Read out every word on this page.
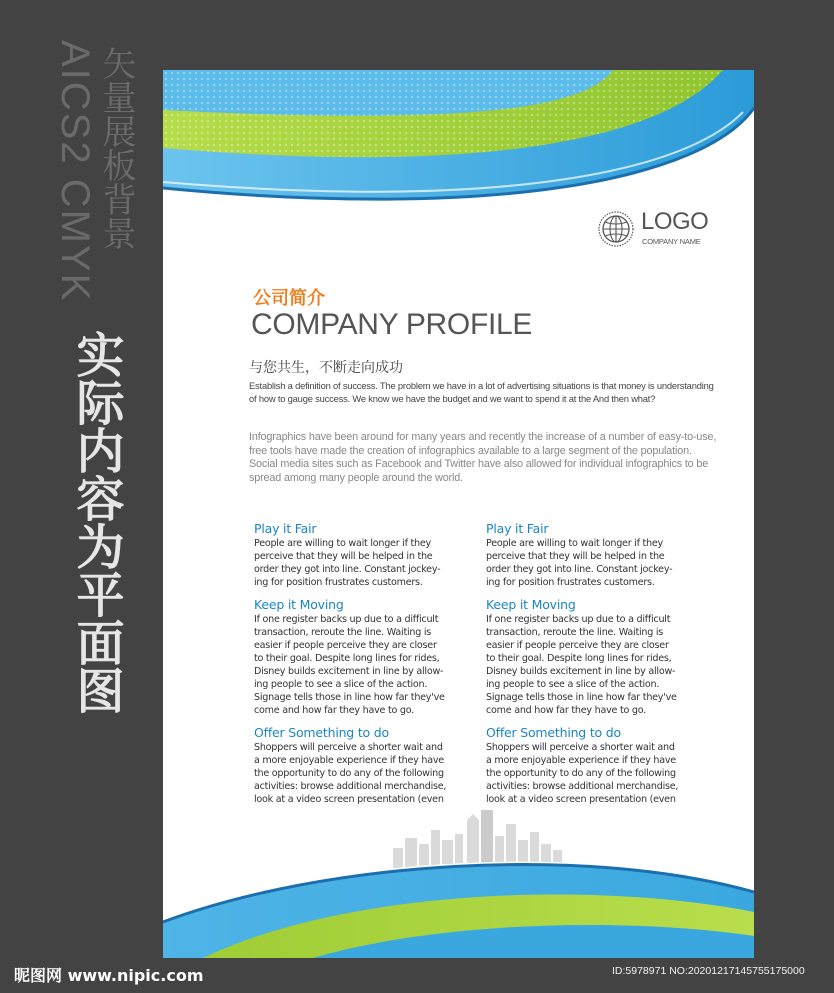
AICS2 CMYK 矢量展板背景
实际内容为平面图
LOGO
COMPANY NAME
公司简介
COMPANY PROFILE
与您共生，不断走向成功
Establish a definition of success. The problem we have in a lot of advertising situations is that money is understanding of how to gauge success. We know we have the budget and we want to spend it at the And then what?
Infographics have been around for many years and recently the increase of a number of easy-to-use, free tools have made the creation of infographics available to a large segment of the population. Social media sites such as Facebook and Twitter have also allowed for individual infographics to be spread among many people around the world.
Play it Fair

People are willing to wait longer if they
perceive that they will be helped in the
order they got into line. Constant jockey-
ing for position frustrates customers.

Keep it Moving

If one register backs up due to a difficult
transaction, reroute the line. Waiting is
easier if people perceive they are closer
to their goal. Despite long lines for rides,
Disney builds excitement in line by allow-
ing people to see a slice of the action.
Signage tells those in line how far they've
come and how far they have to go.

Offer Something to do

Shoppers will perceive a shorter wait and
a more enjoyable experience if they have
the opportunity to do any of the following
activities: browse additional merchandise,
look at a video screen presentation (even

Play it Fair

People are willing to wait longer if they
perceive that they will be helped in the
order they got into line. Constant jockey-
ing for position frustrates customers.

Keep it Moving

If one register backs up due to a difficult
transaction, reroute the line. Waiting is
easier if people perceive they are closer
to their goal. Despite long lines for rides,
Disney builds excitement in line by allow-
ing people to see a slice of the action.
Signage tells those in line how far they've
come and how far they have to go.

Offer Something to do

Shoppers will perceive a shorter wait and
a more enjoyable experience if they have
the opportunity to do any of the following
activities: browse additional merchandise,
look at a video screen presentation (even

昵图网 www.nipic.com	ID:5978971 NO:20201217145755175000
